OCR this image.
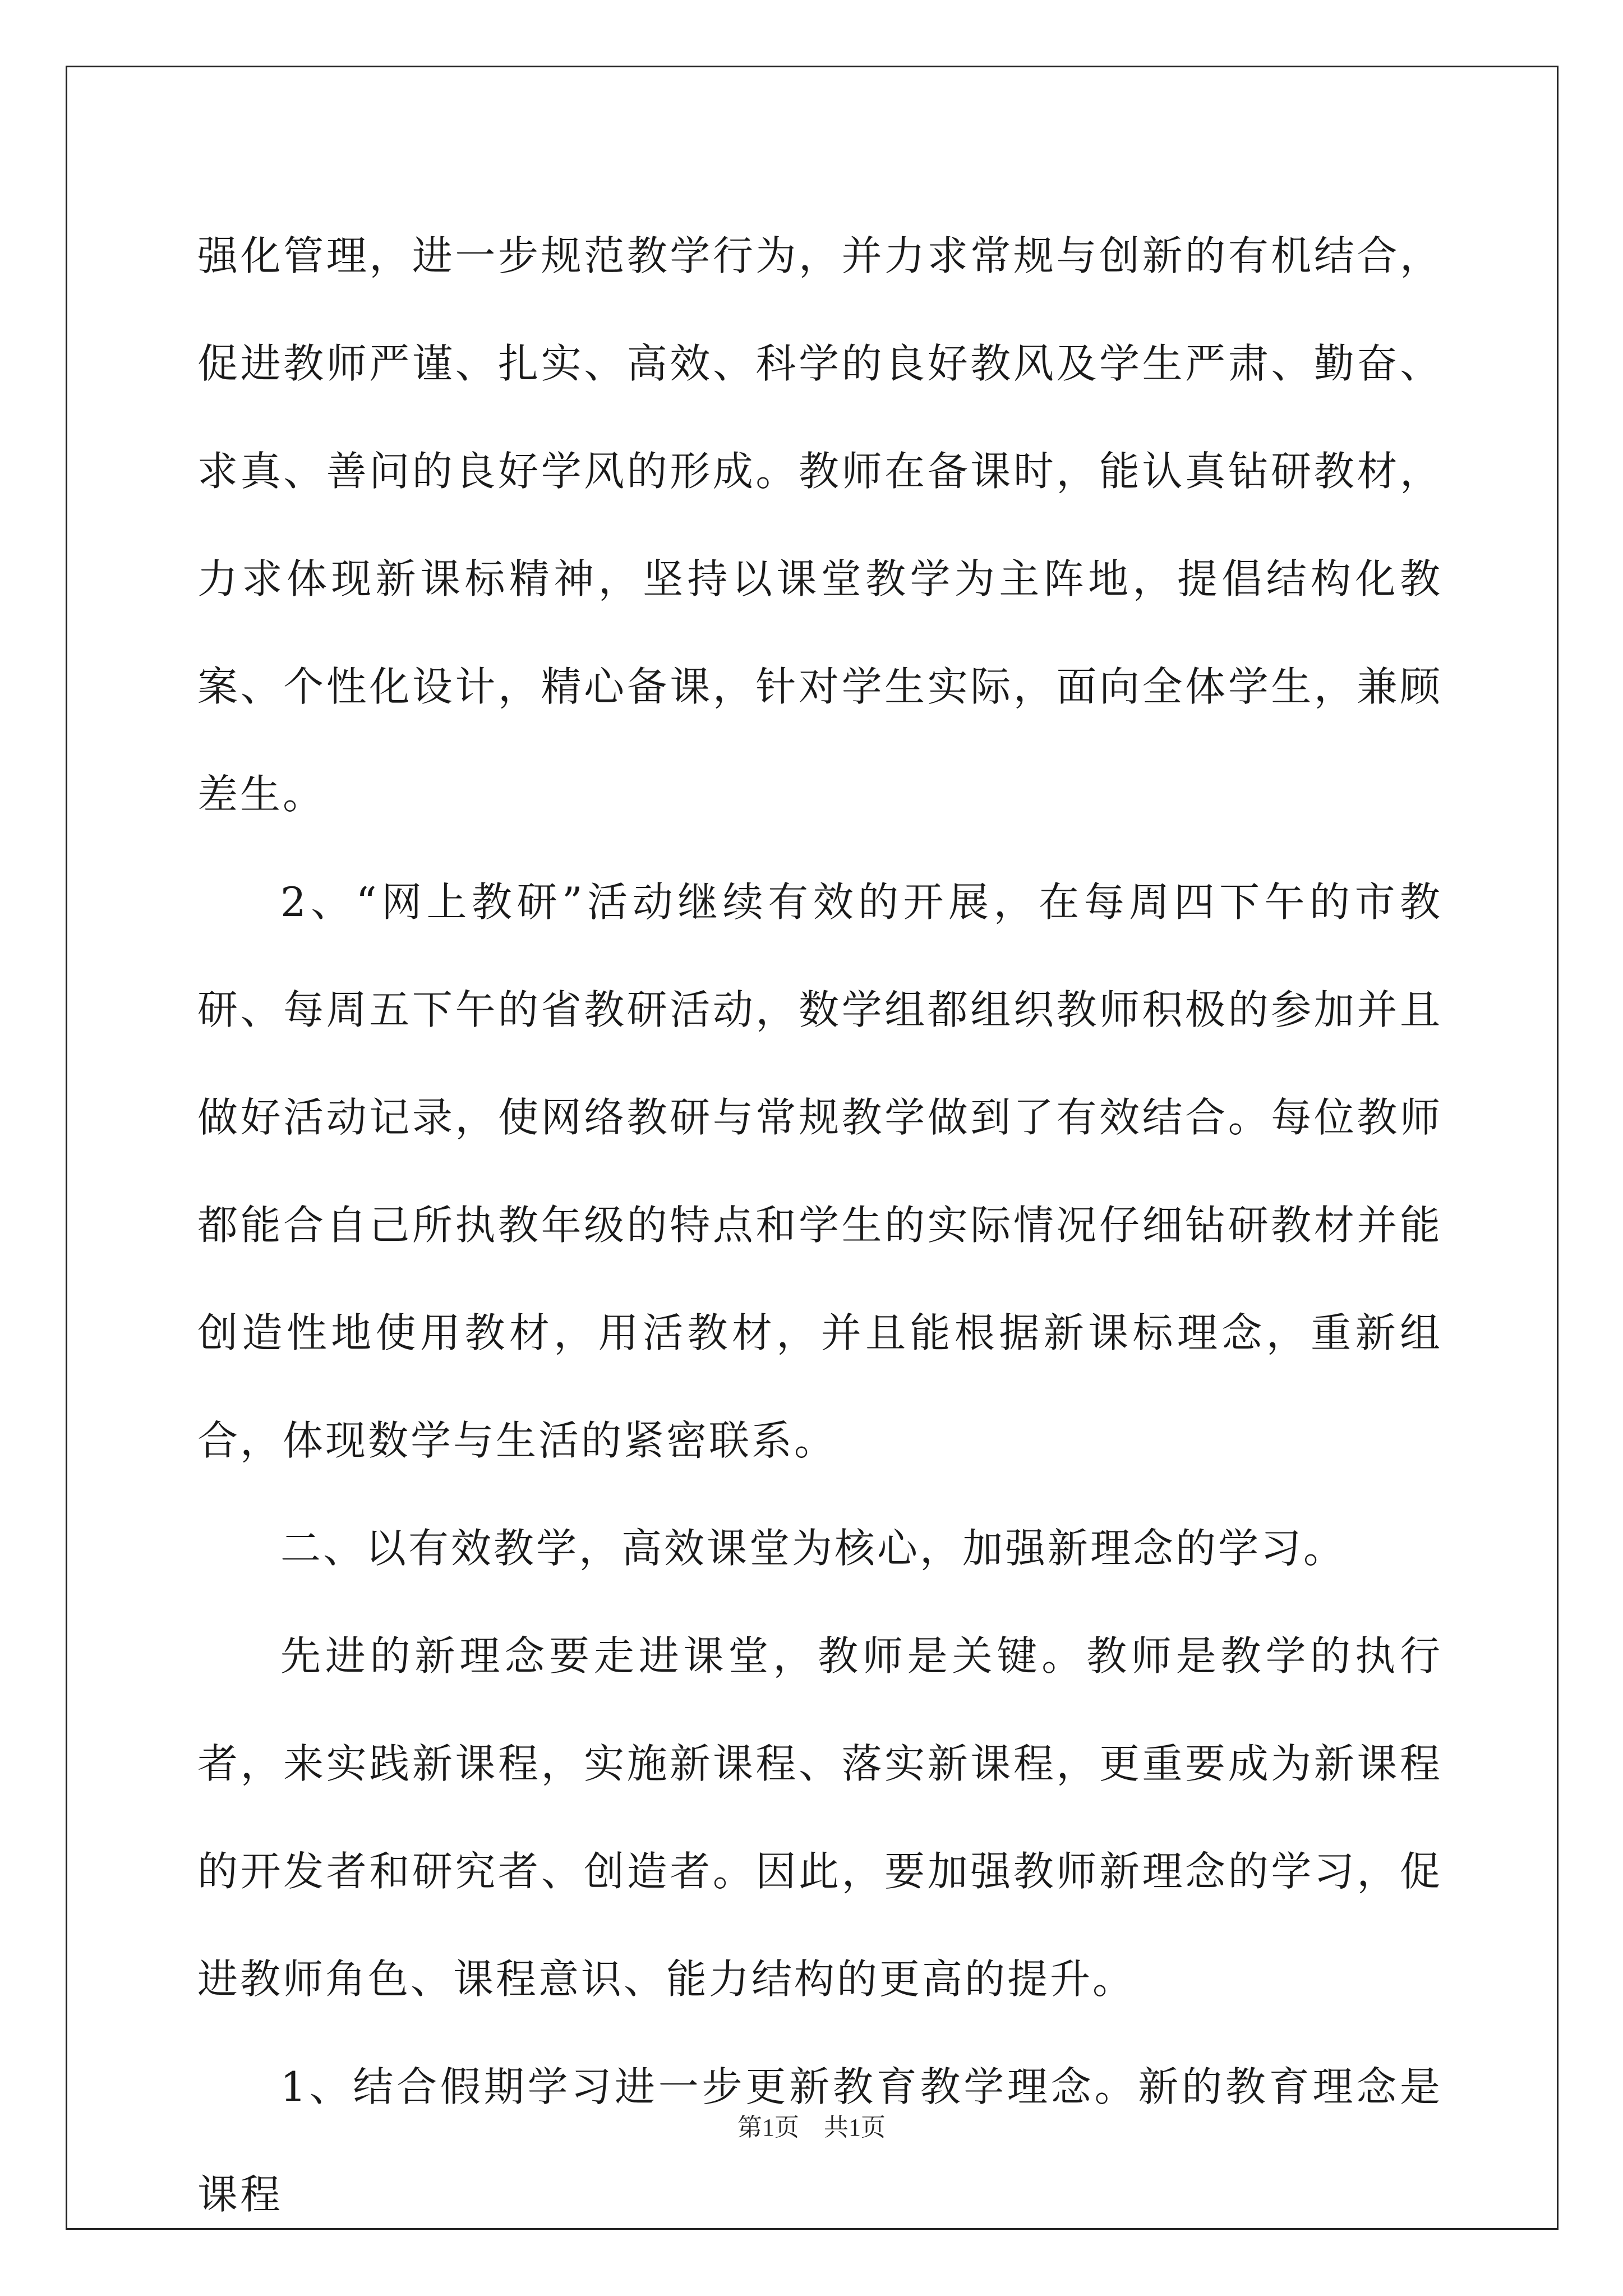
强化管理，进一步规范教学行为，并力求常规与创新的有机结合，促进教师严谨、扎实、高效、科学的良好教风及学生严肃、勤奋、求真、善问的良好学风的形成。教师在备课时，能认真钻研教材，力求体现新课标精神，坚持以课堂教学为主阵地，提倡结构化教案、个性化设计，精心备课，针对学生实际，面向全体学生，兼顾差生。

2、“网上教研”活动继续有效的开展，在每周四下午的市教研、每周五下午的省教研活动，数学组都组织教师积极的参加并且做好活动记录，使网络教研与常规教学做到了有效结合。每位教师都能合自己所执教年级的特点和学生的实际情况仔细钻研教材并能创造性地使用教材，用活教材，并且能根据新课标理念，重新组合，体现数学与生活的紧密联系。

二、以有效教学，高效课堂为核心，加强新理念的学习。

先进的新理念要走进课堂，教师是关键。教师是教学的执行者，来实践新课程，实施新课程、落实新课程，更重要成为新课程的开发者和研究者、创造者。因此，要加强教师新理念的学习，促进教师角色、课程意识、能力结构的更高的提升。

1、结合假期学习进一步更新教育教学理念。新的教育理念是课程

第1页　共1页
